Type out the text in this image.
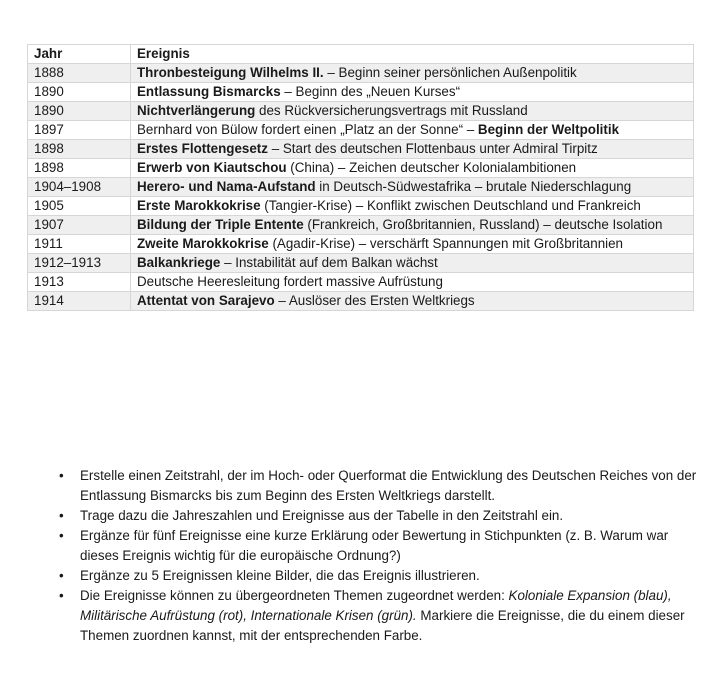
Jahr	Ereignis
1888	Thronbesteigung Wilhelms II. – Beginn seiner persönlichen Außenpolitik
1890	Entlassung Bismarcks – Beginn des „Neuen Kurses“
1890	Nichtverlängerung des Rückversicherungsvertrags mit Russland
1897	Bernhard von Bülow fordert einen „Platz an der Sonne“ – Beginn der Weltpolitik
1898	Erstes Flottengesetz – Start des deutschen Flottenbaus unter Admiral Tirpitz
1898	Erwerb von Kiautschou (China) – Zeichen deutscher Kolonialambitionen
1904–1908	Herero- und Nama-Aufstand in Deutsch-Südwestafrika – brutale Niederschlagung
1905	Erste Marokkokrise (Tangier-Krise) – Konflikt zwischen Deutschland und Frankreich
1907	Bildung der Triple Entente (Frankreich, Großbritannien, Russland) – deutsche Isolation
1911	Zweite Marokkokrise (Agadir-Krise) – verschärft Spannungen mit Großbritannien
1912–1913	Balkankriege – Instabilität auf dem Balkan wächst
1913	Deutsche Heeresleitung fordert massive Aufrüstung
1914	Attentat von Sarajevo – Auslöser des Ersten Weltkriegs
• Erstelle einen Zeitstrahl, der im Hoch- oder Querformat die Entwicklung des Deutschen Reiches von der Entlassung Bismarcks bis zum Beginn des Ersten Weltkriegs darstellt.
• Trage dazu die Jahreszahlen und Ereignisse aus der Tabelle in den Zeitstrahl ein.
• Ergänze für fünf Ereignisse eine kurze Erklärung oder Bewertung in Stichpunkten (z. B. Warum war dieses Ereignis wichtig für die europäische Ordnung?)
• Ergänze zu 5 Ereignissen kleine Bilder, die das Ereignis illustrieren.
• Die Ereignisse können zu übergeordneten Themen zugeordnet werden: Koloniale Expansion (blau), Militärische Aufrüstung (rot), Internationale Krisen (grün). Markiere die Ereignisse, die du einem dieser Themen zuordnen kannst, mit der entsprechenden Farbe.
